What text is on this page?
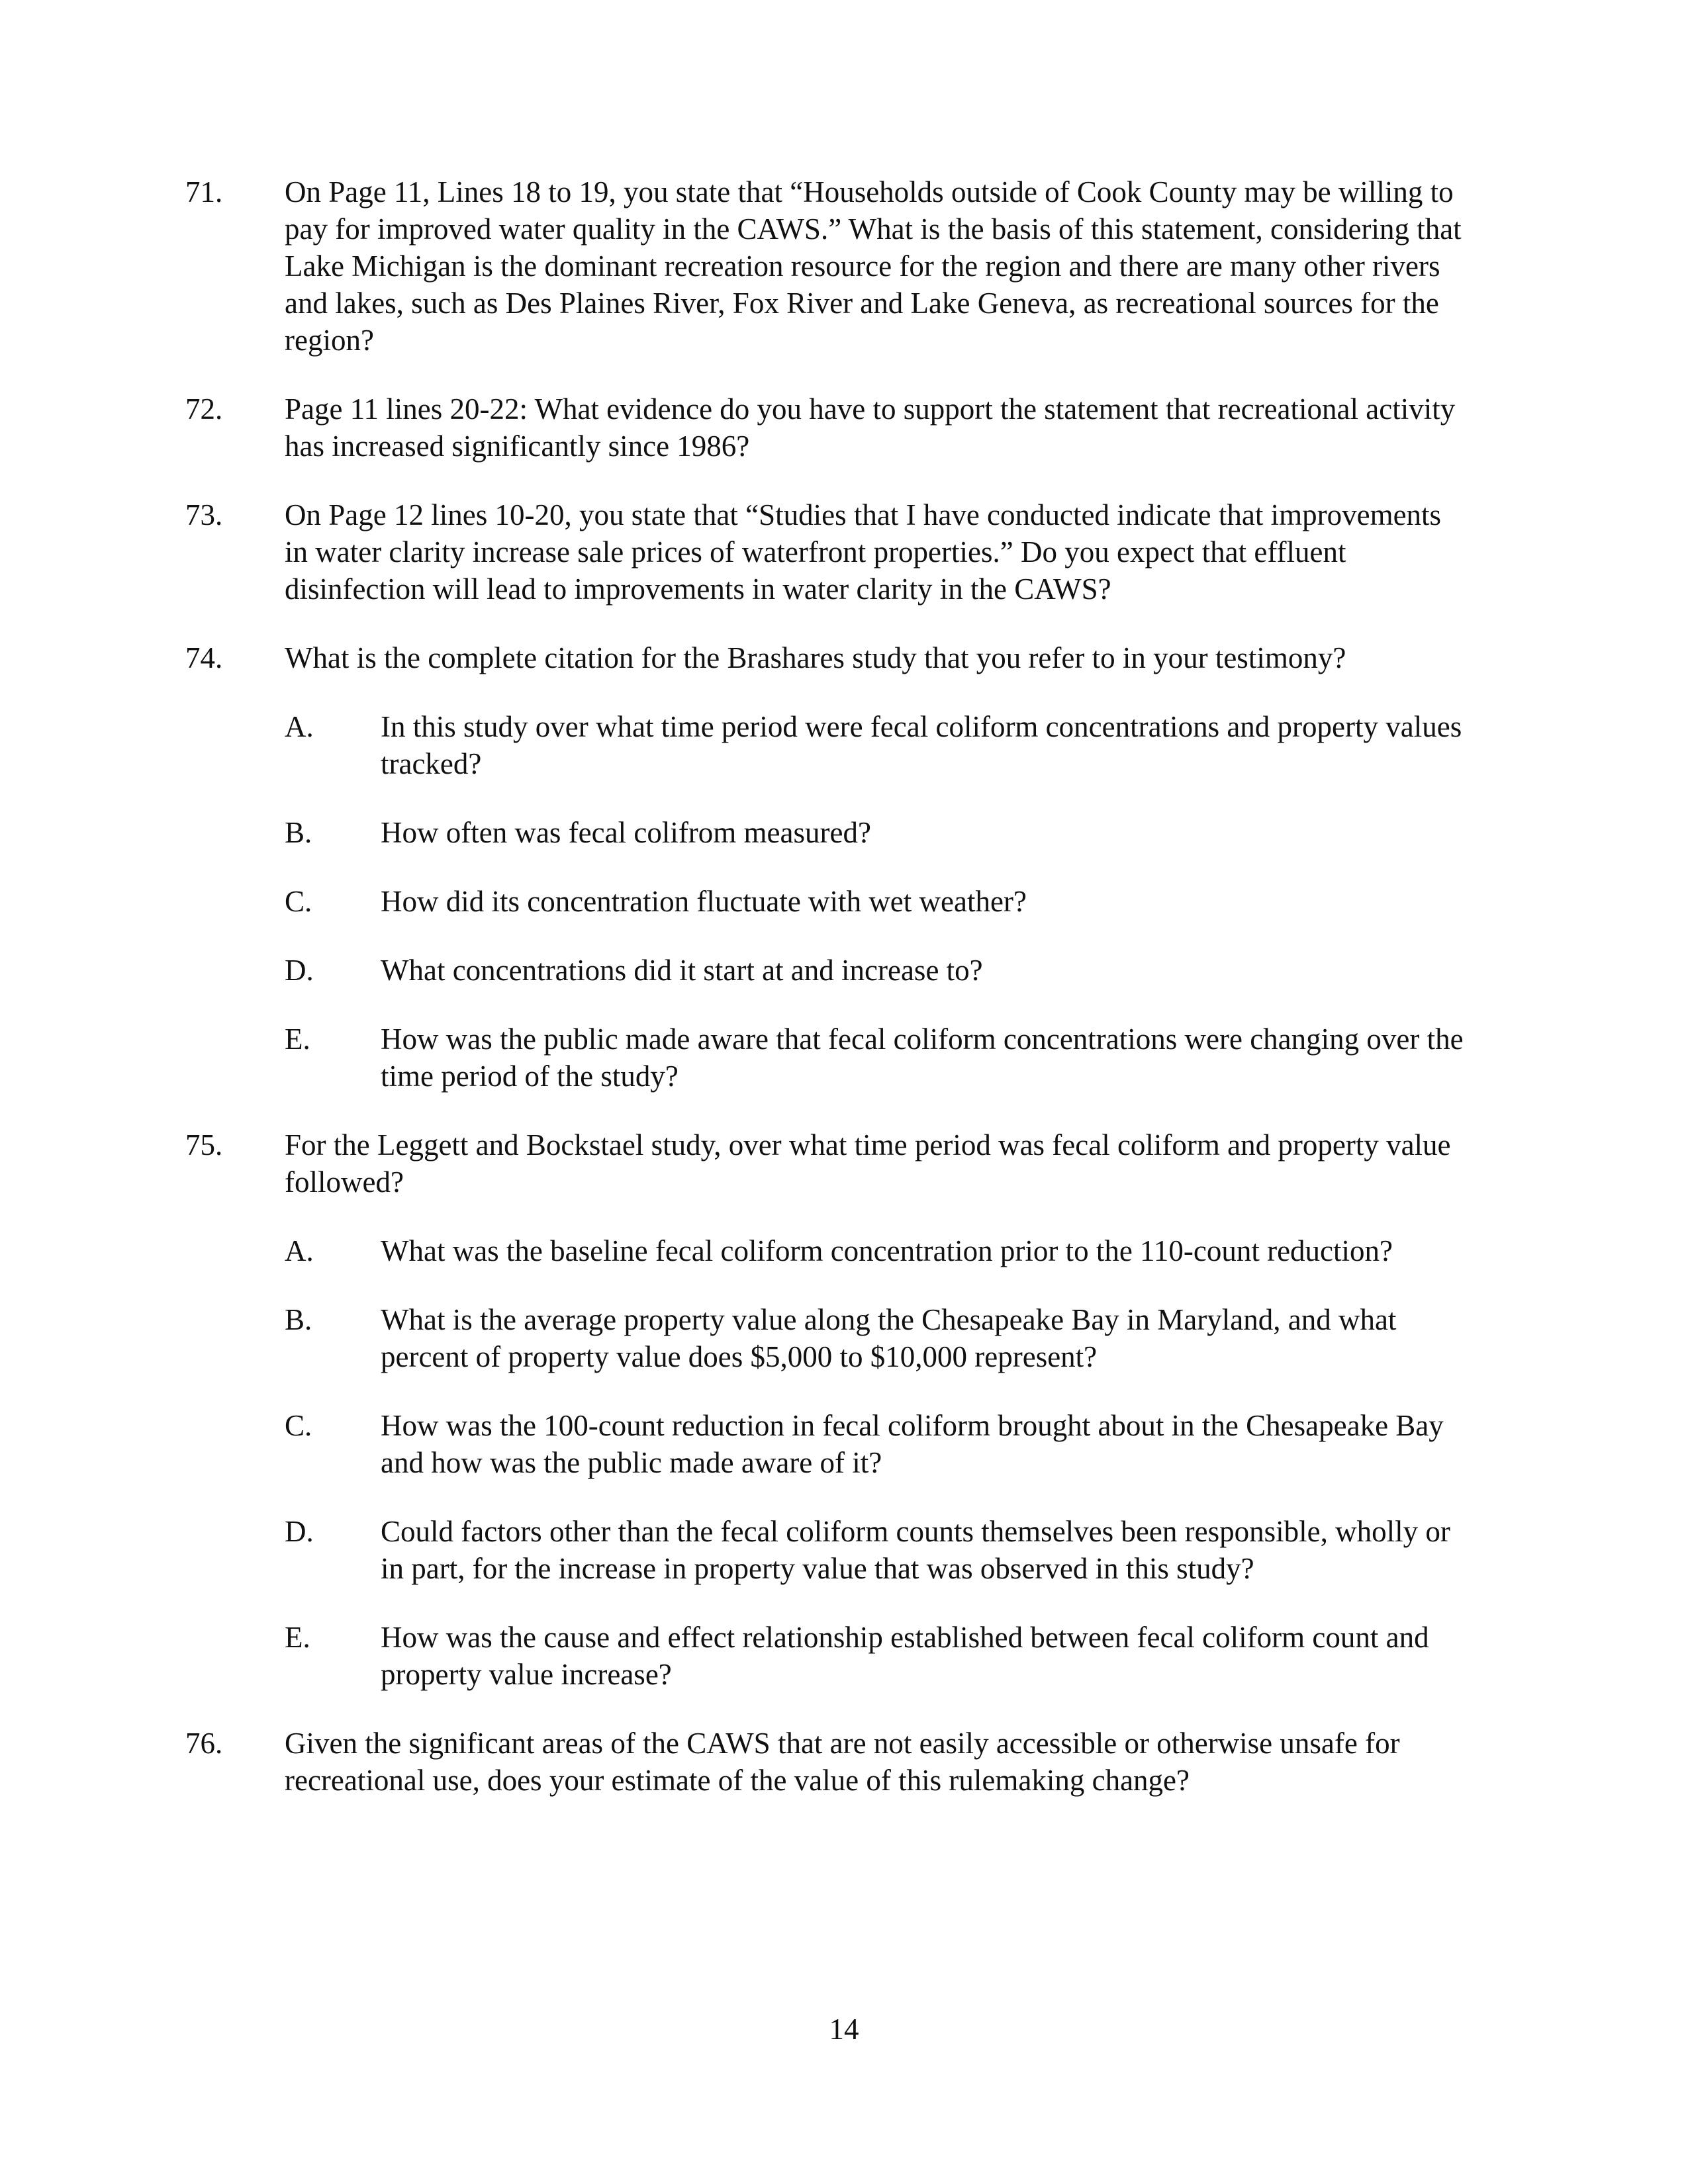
71. On Page 11, Lines 18 to 19, you state that “Households outside of Cook County may be willing to pay for improved water quality in the CAWS.” What is the basis of this statement, considering that Lake Michigan is the dominant recreation resource for the region and there are many other rivers and lakes, such as Des Plaines River, Fox River and Lake Geneva, as recreational sources for the region?
72. Page 11 lines 20-22: What evidence do you have to support the statement that recreational activity has increased significantly since 1986?
73. On Page 12 lines 10-20, you state that “Studies that I have conducted indicate that improvements in water clarity increase sale prices of waterfront properties.” Do you expect that effluent disinfection will lead to improvements in water clarity in the CAWS?
74. What is the complete citation for the Brashares study that you refer to in your testimony?
A. In this study over what time period were fecal coliform concentrations and property values tracked?
B. How often was fecal colifrom measured?
C. How did its concentration fluctuate with wet weather?
D. What concentrations did it start at and increase to?
E. How was the public made aware that fecal coliform concentrations were changing over the time period of the study?
75. For the Leggett and Bockstael study, over what time period was fecal coliform and property value followed?
A. What was the baseline fecal coliform concentration prior to the 110-count reduction?
B. What is the average property value along the Chesapeake Bay in Maryland, and what percent of property value does $5,000 to $10,000 represent?
C. How was the 100-count reduction in fecal coliform brought about in the Chesapeake Bay and how was the public made aware of it?
D. Could factors other than the fecal coliform counts themselves been responsible, wholly or in part, for the increase in property value that was observed in this study?
E. How was the cause and effect relationship established between fecal coliform count and property value increase?
76. Given the significant areas of the CAWS that are not easily accessible or otherwise unsafe for recreational use, does your estimate of the value of this rulemaking change?
14
